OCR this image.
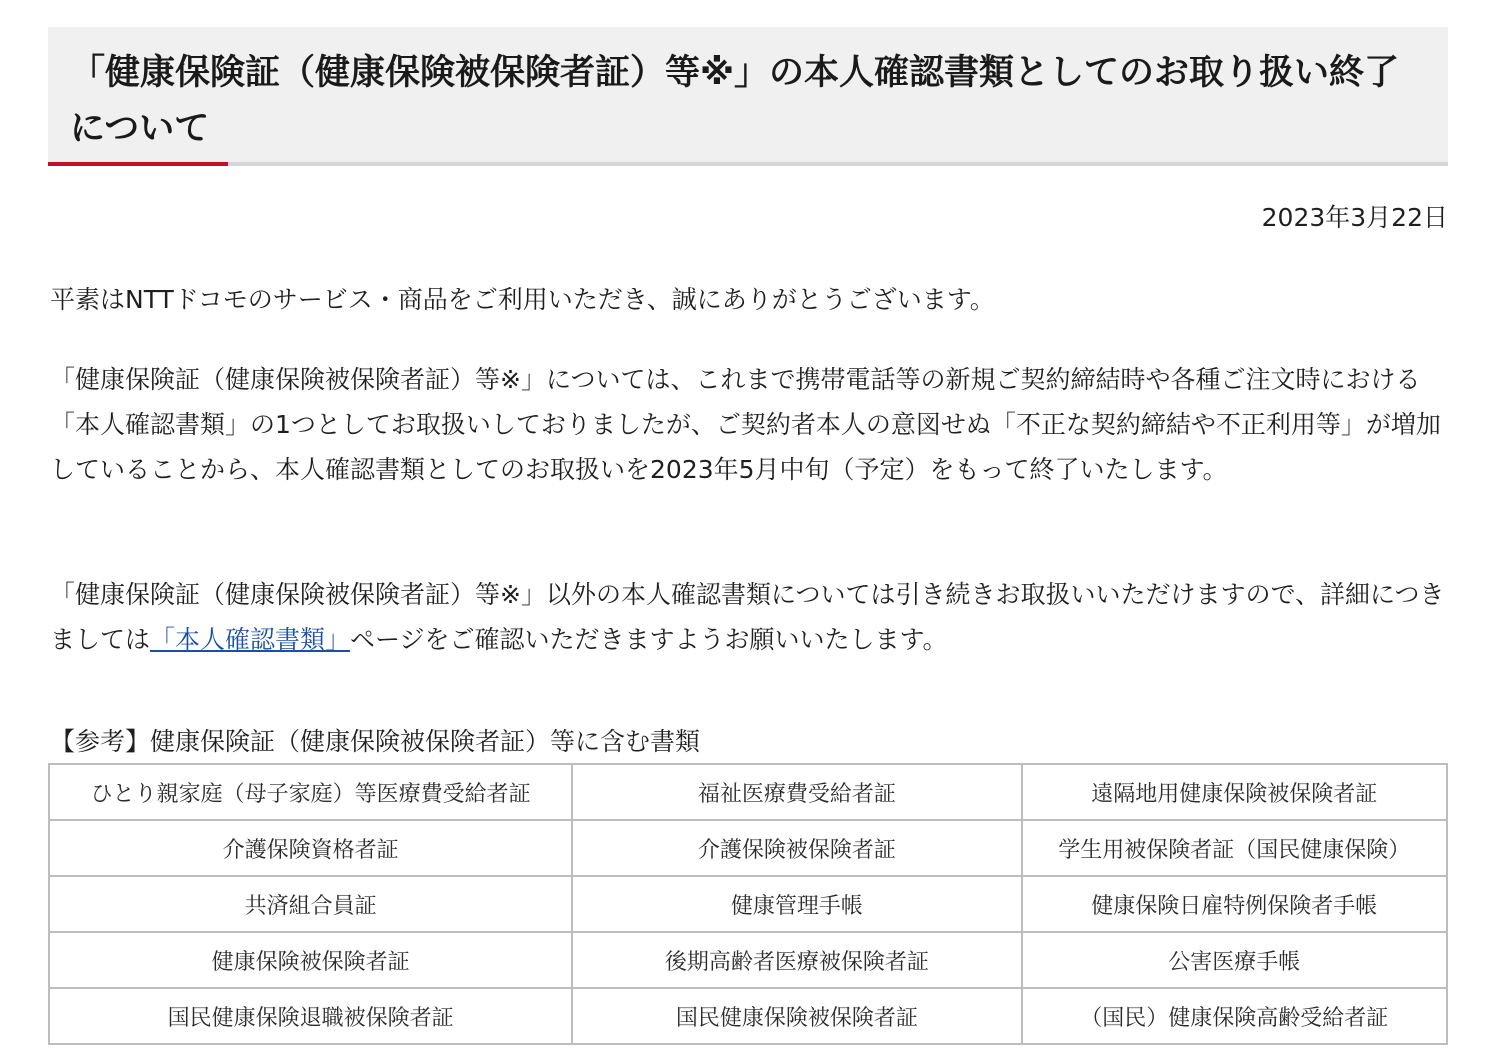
「健康保険証（健康保険被保険者証）等※」の本人確認書類としてのお取り扱い終了について
2023年3月22日

平素はNTTドコモのサービス・商品をご利用いただき、誠にありがとうございます。

「健康保険証（健康保険被保険者証）等※」については、これまで携帯電話等の新規ご契約締結時や各種ご注文時における「本人確認書類」の1つとしてお取扱いしておりましたが、ご契約者本人の意図せぬ「不正な契約締結や不正利用等」が増加していることから、本人確認書類としてのお取扱いを2023年5月中旬（予定）をもって終了いたします。

「健康保険証（健康保険被保険者証）等※」以外の本人確認書類については引き続きお取扱いいただけますので、詳細につきましては「本人確認書類」ページをご確認いただきますようお願いいたします。

【参考】健康保険証（健康保険被保険者証）等に含む書類
ひとり親家庭（母子家庭）等医療費受給者証	福祉医療費受給者証	遠隔地用健康保険被保険者証
介護保険資格者証	介護保険被保険者証	学生用被保険者証（国民健康保険）
共済組合員証	健康管理手帳	健康保険日雇特例保険者手帳
健康保険被保険者証	後期高齢者医療被保険者証	公害医療手帳
国民健康保険退職被保険者証	国民健康保険被保険者証	（国民）健康保険高齢受給者証
